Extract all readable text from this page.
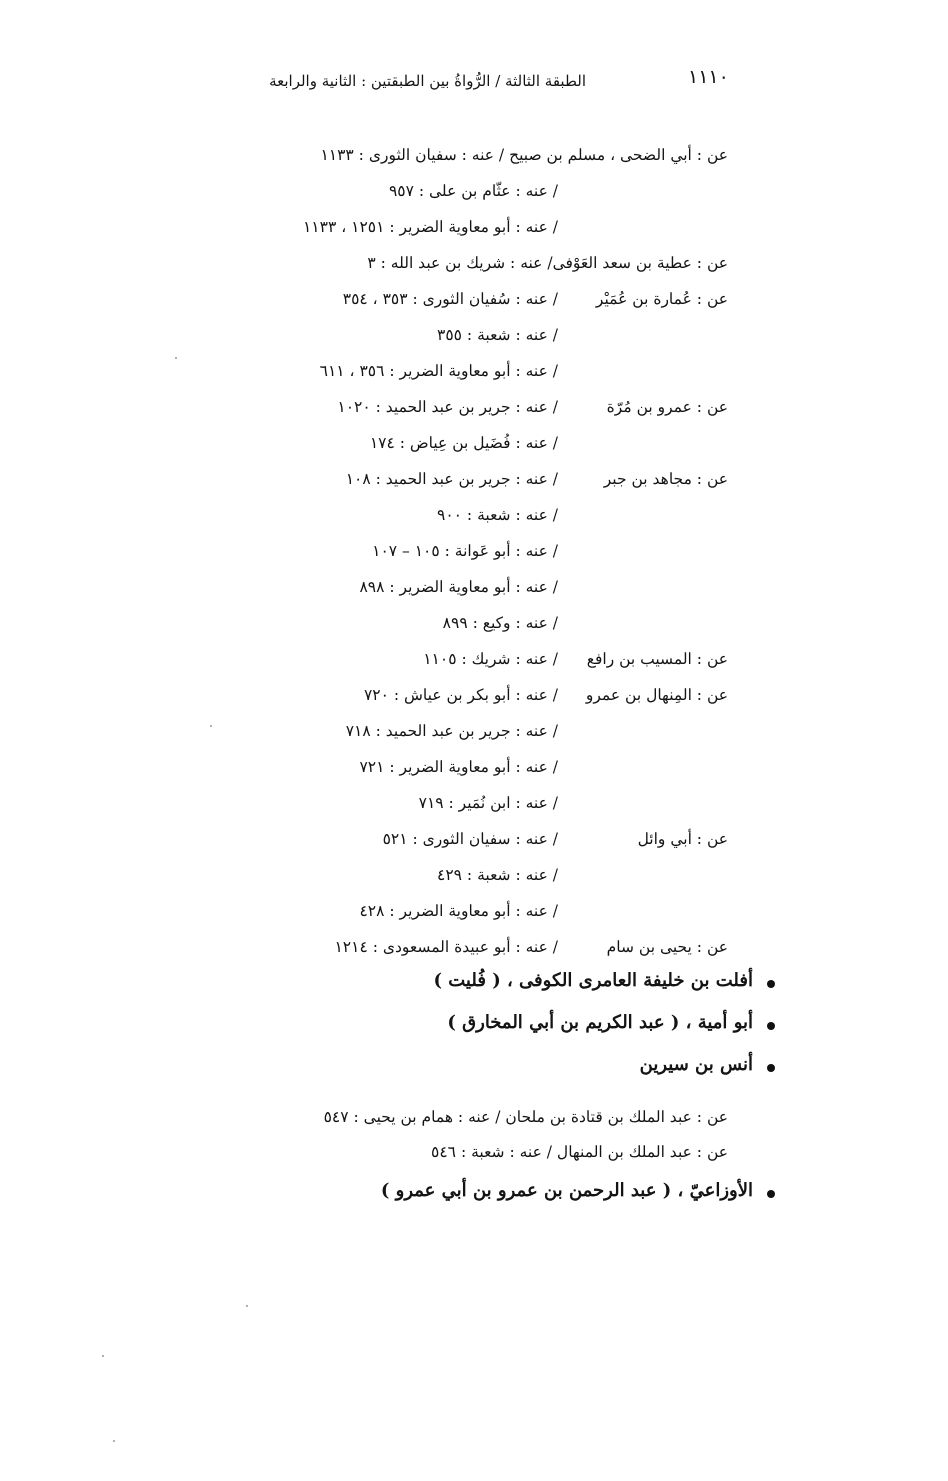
١١١٠
الطبقة الثالثة / الرُّواةُ بين الطبقتين : الثانية والرابعة
عن : أبي الضحى ، مسلم بن صبيح / عنه : سفيان الثورى : ١١٣٣
/ عنه : عثّام بن على : ٩٥٧
/ عنه : أبو معاوية الضرير : ١٢٥١ ، ١١٣٣
عن : عطية بن سعد العَوْفى/ عنه : شريك بن عبد الله : ٣
عن : عُمارة بن عُمَيْر
/ عنه : سُفيان الثورى : ٣٥٣ ، ٣٥٤
/ عنه : شعبة : ٣٥٥
/ عنه : أبو معاوية الضرير : ٣٥٦ ، ٦١١
عن : عمرو بن مُرّة
/ عنه : جرير بن عبد الحميد : ١٠٢٠
/ عنه : فُضَيل بن عِياض : ١٧٤
عن : مجاهد بن جبر
/ عنه : جرير بن عبد الحميد : ١٠٨
/ عنه : شعبة : ٩٠٠
/ عنه : أبو عَوانة : ١٠٥ – ١٠٧
/ عنه : أبو معاوية الضرير : ٨٩٨
/ عنه : وكيع : ٨٩٩
عن : المسيب بن رافع
/ عنه : شريك : ١١٠٥
عن : المِنهال بن عمرو
/ عنه : أبو بكر بن عياش : ٧٢٠
/ عنه : جرير بن عبد الحميد : ٧١٨
/ عنه : أبو معاوية الضرير : ٧٢١
/ عنه : ابن نُمَير : ٧١٩
عن : أبي وائل
/ عنه : سفيان الثورى : ٥٢١
/ عنه : شعبة : ٤٢٩
/ عنه : أبو معاوية الضرير : ٤٢٨
عن : يحيى بن سام
/ عنه : أبو عبيدة المسعودى : ١٢١٤
أفلت بن خليفة العامرى الكوفى ، ( فُليت )
أبو أمية ، ( عبد الكريم بن أبي المخارق )
أنس بن سيرين
عن : عبد الملك بن قتادة بن ملحان / عنه : همام بن يحيى : ٥٤٧
عن : عبد الملك بن المنهال / عنه : شعبة : ٥٤٦
الأوزاعيّ ، ( عبد الرحمن بن عمرو بن أبي عمرو )
